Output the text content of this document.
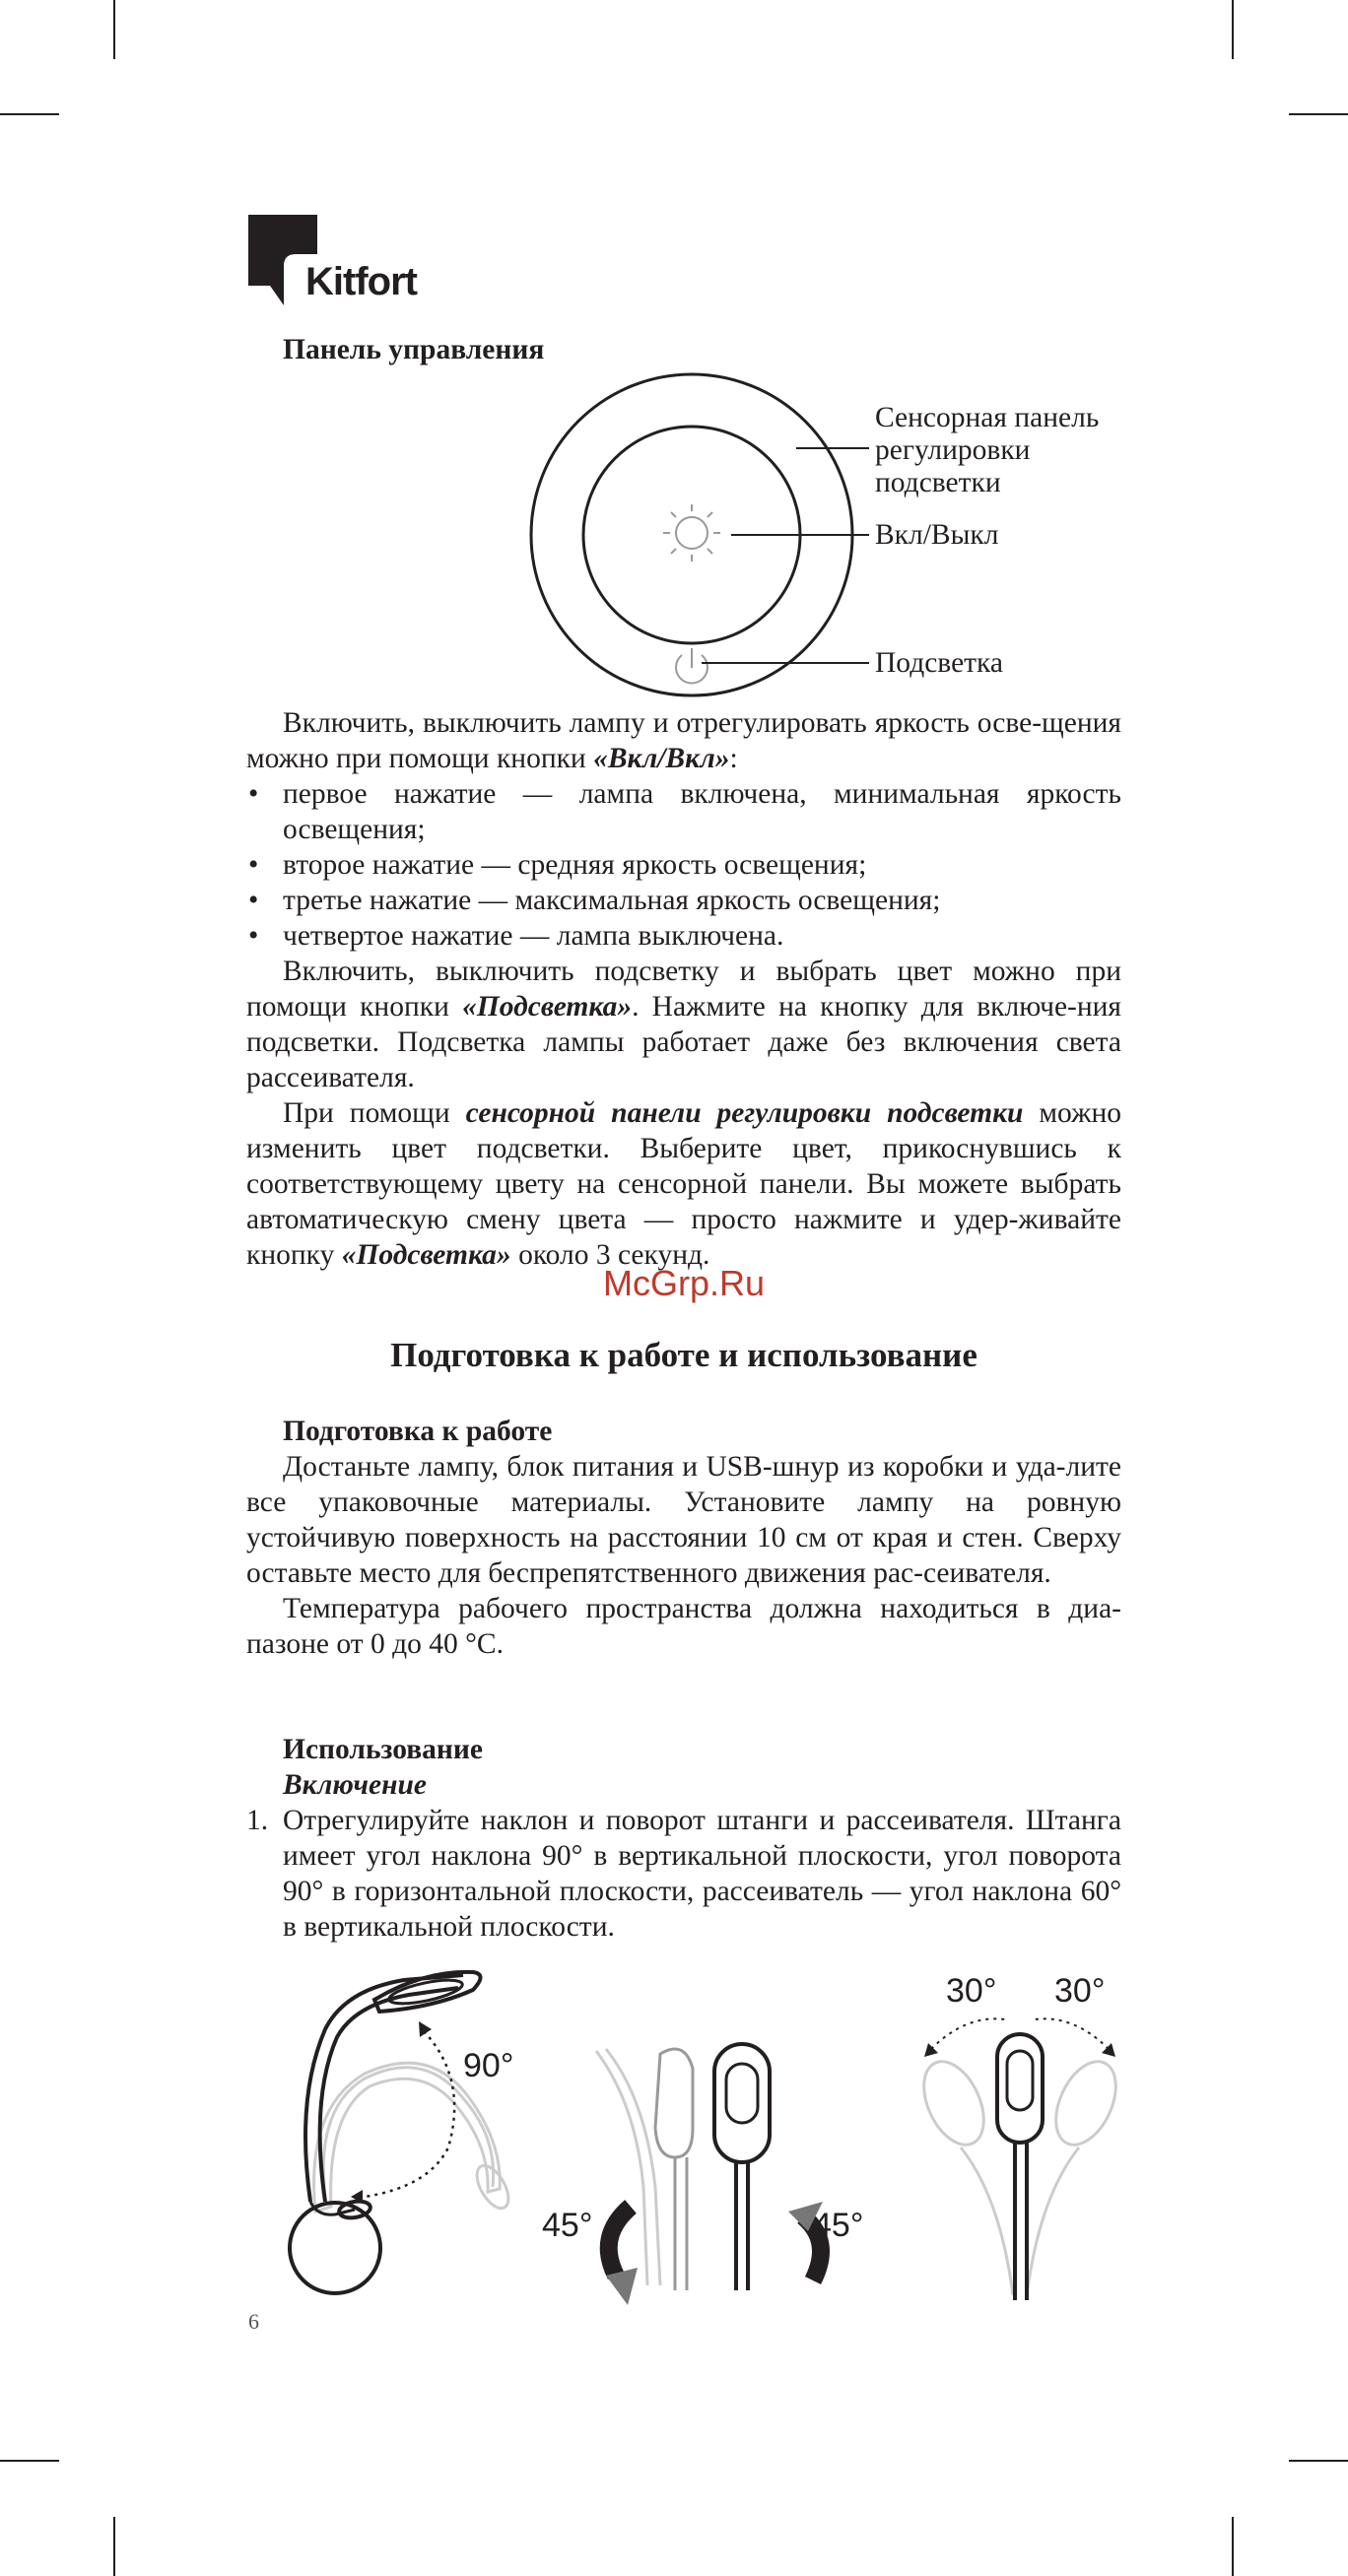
Kitfort

Панель управления

Сенсорная панель

регулировки

подсветки

Вкл/Выкл

Подсветка

Включить, выключить лампу и отрегулировать яркость осве-щения можно при помощи кнопки «Вкл/Вкл»:

• первое нажатие — лампа включена, минимальная яркость освещения;
• второе нажатие — средняя яркость освещения;
• третье нажатие — максимальная яркость освещения;
• четвертое нажатие — лампа выключена.

Включить, выключить подсветку и выбрать цвет можно при помощи кнопки «Подсветка». Нажмите на кнопку для включе-ния подсветки. Подсветка лампы работает даже без включения света рассеивателя.

При помощи сенсорной панели регулировки подсветки можно изменить цвет подсветки. Выберите цвет, прикоснувшись к соответствующему цвету на сенсорной панели. Вы можете выбрать автоматическую смену цвета — просто нажмите и удер-живайте кнопку «Подсветка» около 3 секунд.

McGrp.Ru

Подготовка к работе и использование

Подготовка к работе

Достаньте лампу, блок питания и USB-шнур из коробки и уда-лите все упаковочные материалы. Установите лампу на ровную устойчивую поверхность на расстоянии 10 см от края и стен. Сверху оставьте место для беспрепятственного движения рас-сеивателя.

Температура рабочего пространства должна находиться в диа-пазоне от 0 до 40 °С.

Использование

Включение

1. Отрегулируйте наклон и поворот штанги и рассеивателя. Штанга имеет угол наклона 90° в вертикальной плоскости, угол поворота 90° в горизонтальной плоскости, рассеиватель — угол наклона 60° в вертикальной плоскости.
90°
45°	45°
30° 30°

6
